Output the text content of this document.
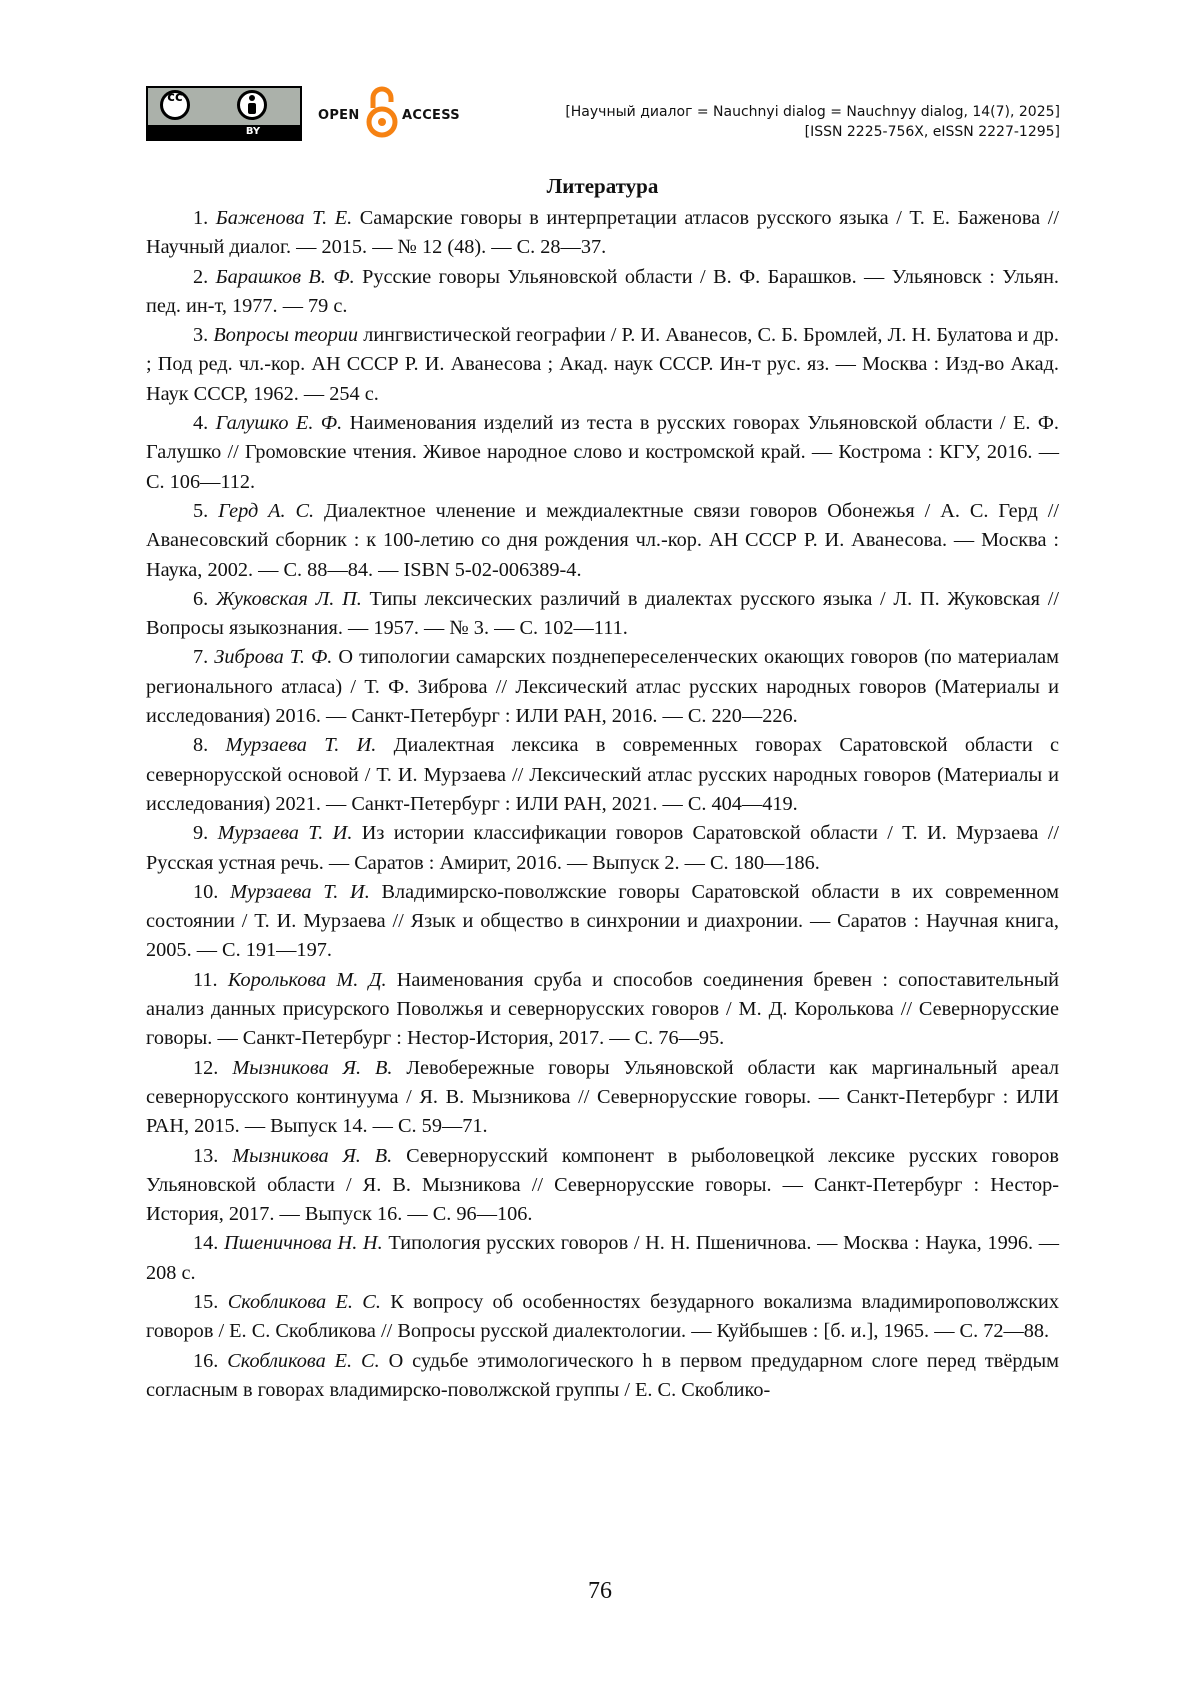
cc
BY
OPEN	ACCESS	[Научный диалог = Nauchnyi dialog = Nauchnyy dialog, 14(7), 2025]
[ISSN 2225-756X, eISSN 2227-1295]
Литература

1. Баженова Т. Е. Самарские говоры в интерпретации атласов русского языка / Т. Е. Баженова // Научный диалог. — 2015. — № 12 (48). — С. 28—37.

2. Барашков В. Ф. Русские говоры Ульяновской области / В. Ф. Барашков. — Ульяновск : Ульян. пед. ин-т, 1977. — 79 с.

3. Вопросы теории лингвистической географии / Р. И. Аванесов, С. Б. Бромлей, Л. Н. Булатова и др. ; Под ред. чл.-кор. АН СССР Р. И. Аванесова ; Акад. наук СССР. Ин-т рус. яз. — Москва : Изд-во Акад. Наук СССР, 1962. — 254 с.

4. Галушко Е. Ф. Наименования изделий из теста в русских говорах Ульяновской области / Е. Ф. Галушко // Громовские чтения. Живое народное слово и костромской край. — Кострома : КГУ, 2016. — С. 106—112.

5. Герд А. С. Диалектное членение и междиалектные связи говоров Обонежья / А. С. Герд // Аванесовский сборник : к 100-летию со дня рождения чл.-кор. АН СССР Р. И. Аванесова. — Москва : Наука, 2002. — С. 88—84. — ISBN 5-02-006389-4.

6. Жуковская Л. П. Типы лексических различий в диалектах русского языка / Л. П. Жуковская // Вопросы языкознания. — 1957. — № 3. — С. 102—111.

7. Зиброва Т. Ф. О типологии самарских позднепереселенческих окающих говоров (по материалам регионального атласа) / Т. Ф. Зиброва // Лексический атлас русских народных говоров (Материалы и исследования) 2016. — Санкт-Петербург : ИЛИ РАН, 2016. — С. 220—226.

8. Мурзаева Т. И. Диалектная лексика в современных говорах Саратовской области с севернорусской основой / Т. И. Мурзаева // Лексический атлас русских народных говоров (Материалы и исследования) 2021. — Санкт-Петербург : ИЛИ РАН, 2021. — С. 404—419.

9. Мурзаева Т. И. Из истории классификации говоров Саратовской области / Т. И. Мурзаева // Русская устная речь. — Саратов : Амирит, 2016. — Выпуск 2. — С. 180—186.

10. Мурзаева Т. И. Владимирско-поволжские говоры Саратовской области в их современном состоянии / Т. И. Мурзаева // Язык и общество в синхронии и диахронии. — Саратов : Научная книга, 2005. — С. 191—197.

11. Королькова М. Д. Наименования сруба и способов соединения бревен : сопоставительный анализ данных присурского Поволжья и севернорусских говоров / М. Д. Королькова // Севернорусские говоры. — Санкт-Петербург : Нестор-История, 2017. — С. 76—95.

12. Мызникова Я. В. Левобережные говоры Ульяновской области как маргинальный ареал севернорусского континуума / Я. В. Мызникова // Севернорусские говоры. — Санкт-Петербург : ИЛИ РАН, 2015. — Выпуск 14. — С. 59—71.

13. Мызникова Я. В. Севернорусский компонент в рыболовецкой лексике русских говоров Ульяновской области / Я. В. Мызникова // Севернорусские говоры. — Санкт-Петербург : Нестор-История, 2017. — Выпуск 16. — С. 96—106.

14. Пшеничнова Н. Н. Типология русских говоров / Н. Н. Пшеничнова. — Москва : Наука, 1996. — 208 с.

15. Скобликова Е. С. К вопросу об особенностях безударного вокализма владимироповолжских говоров / Е. С. Скобликова // Вопросы русской диалектологии. — Куйбышев : [б. и.], 1965. — С. 72—88.

16. Скобликова Е. С. О судьбе этимологического h в первом предударном слоге перед твёрдым согласным в говорах владимирско-поволжской группы / Е. С. Скоблико-

76
